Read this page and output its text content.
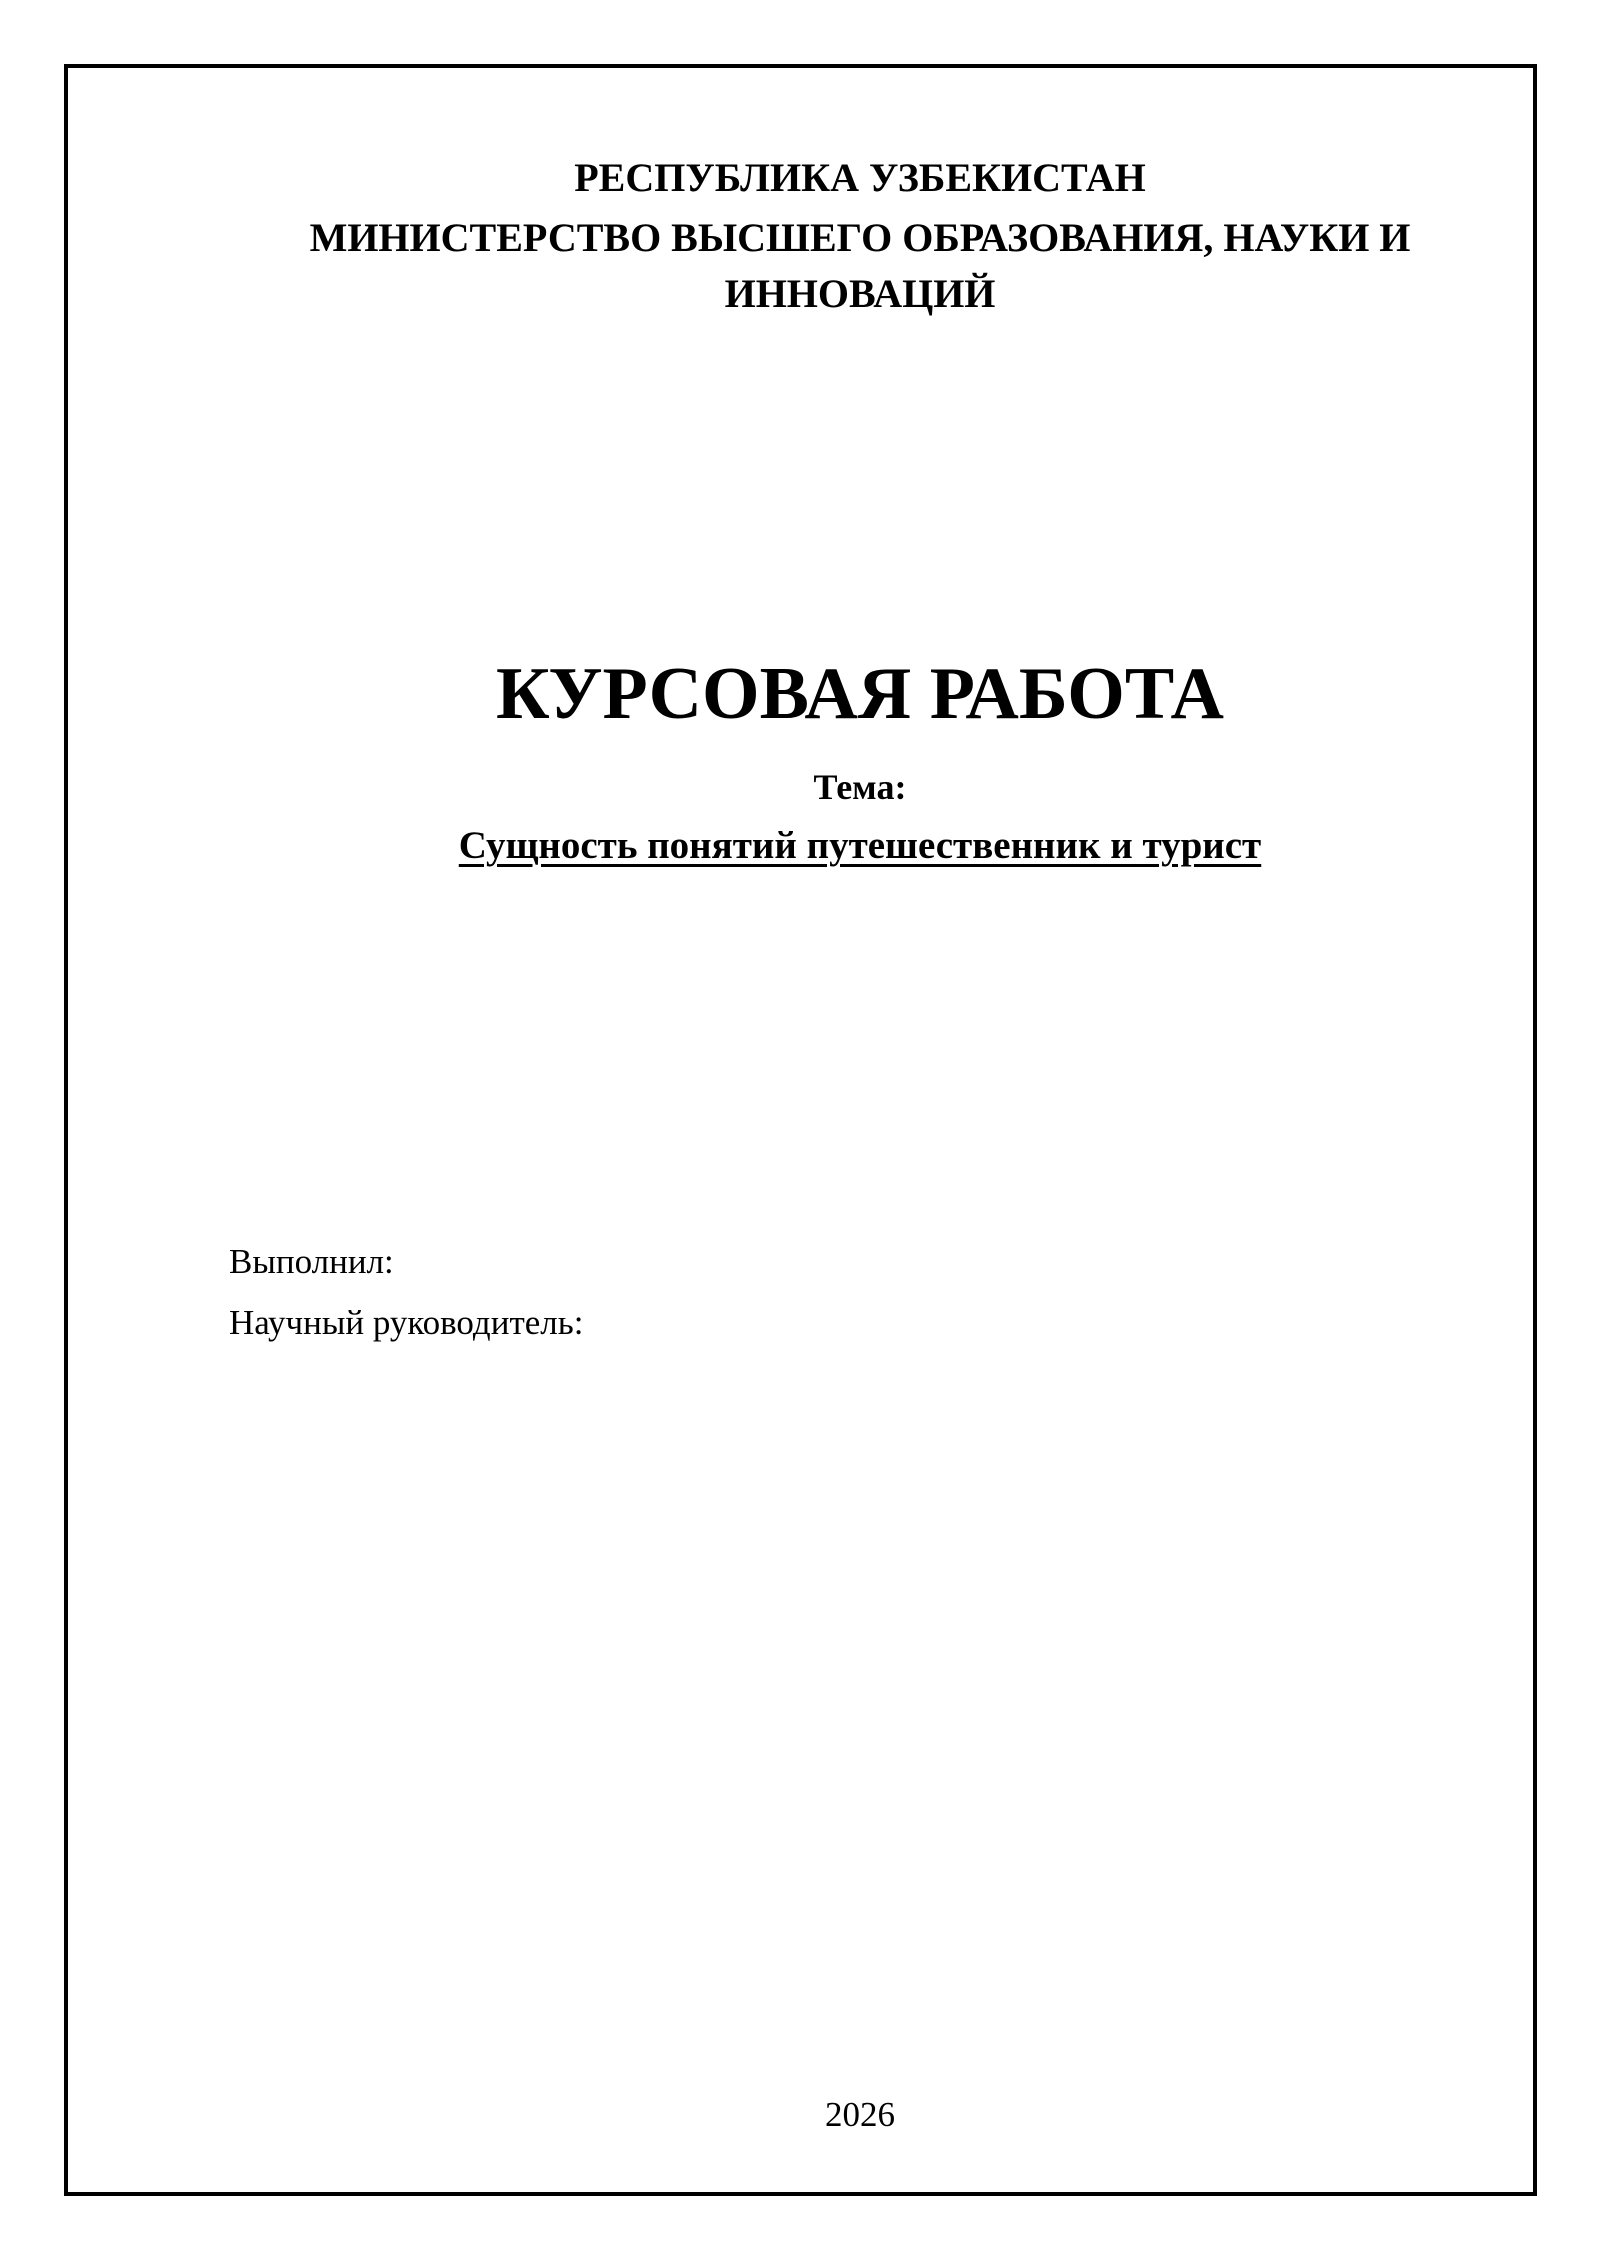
РЕСПУБЛИКА УЗБЕКИСТАН
МИНИСТЕРСТВО ВЫСШЕГО ОБРАЗОВАНИЯ, НАУКИ И ИННОВАЦИЙ
КУРСОВАЯ РАБОТА
Тема:
Сущность понятий путешественник и турист
Выполнил:
Научный руководитель:
2026
